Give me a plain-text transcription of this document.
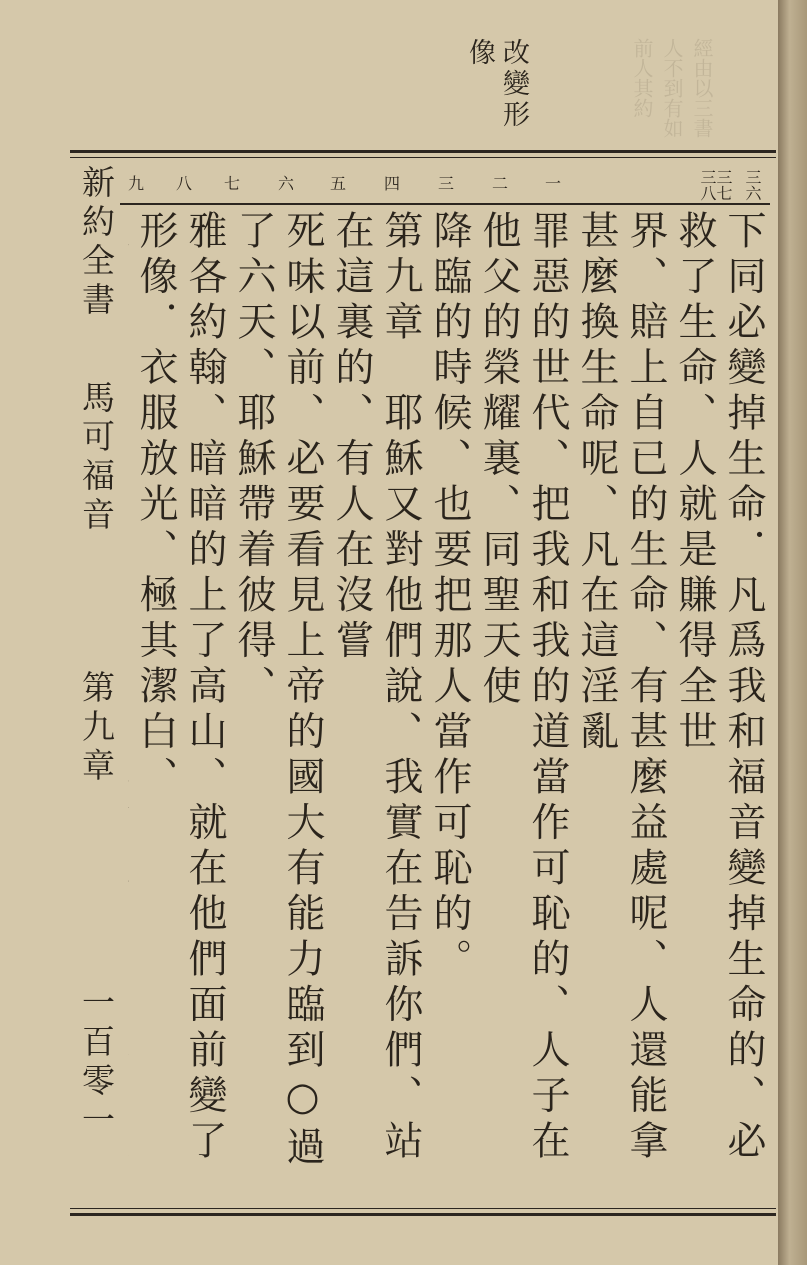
經由以三書人不到有如前人其約
改變形像
新約全書
馬可福音
第九章
一百零一
三六
三七
三八
一
二
三
四
五
六
七
八
九
下同必變掉生命．凡爲我和福音變掉生命的、必救了生命、人就是賺得全世
界、賠上自已的生命、有甚麼益處呢、人還能拿甚麼換生命呢、凡在這淫亂
罪惡的世代、把我和我的道當作可恥的、人子在他父的榮耀裏、同聖天使
降臨的時候、也要把那人當作可恥的。
第九章　耶穌又對他們說、我實在告訴你們、站在這裏的、有人在沒嘗
死味以前、必要看見上帝的國大有能力臨到○過了六天、耶穌帶着彼得、
雅各約翰、暗暗的上了高山、就在他們面前變了形像．衣服放光、極其潔白、
